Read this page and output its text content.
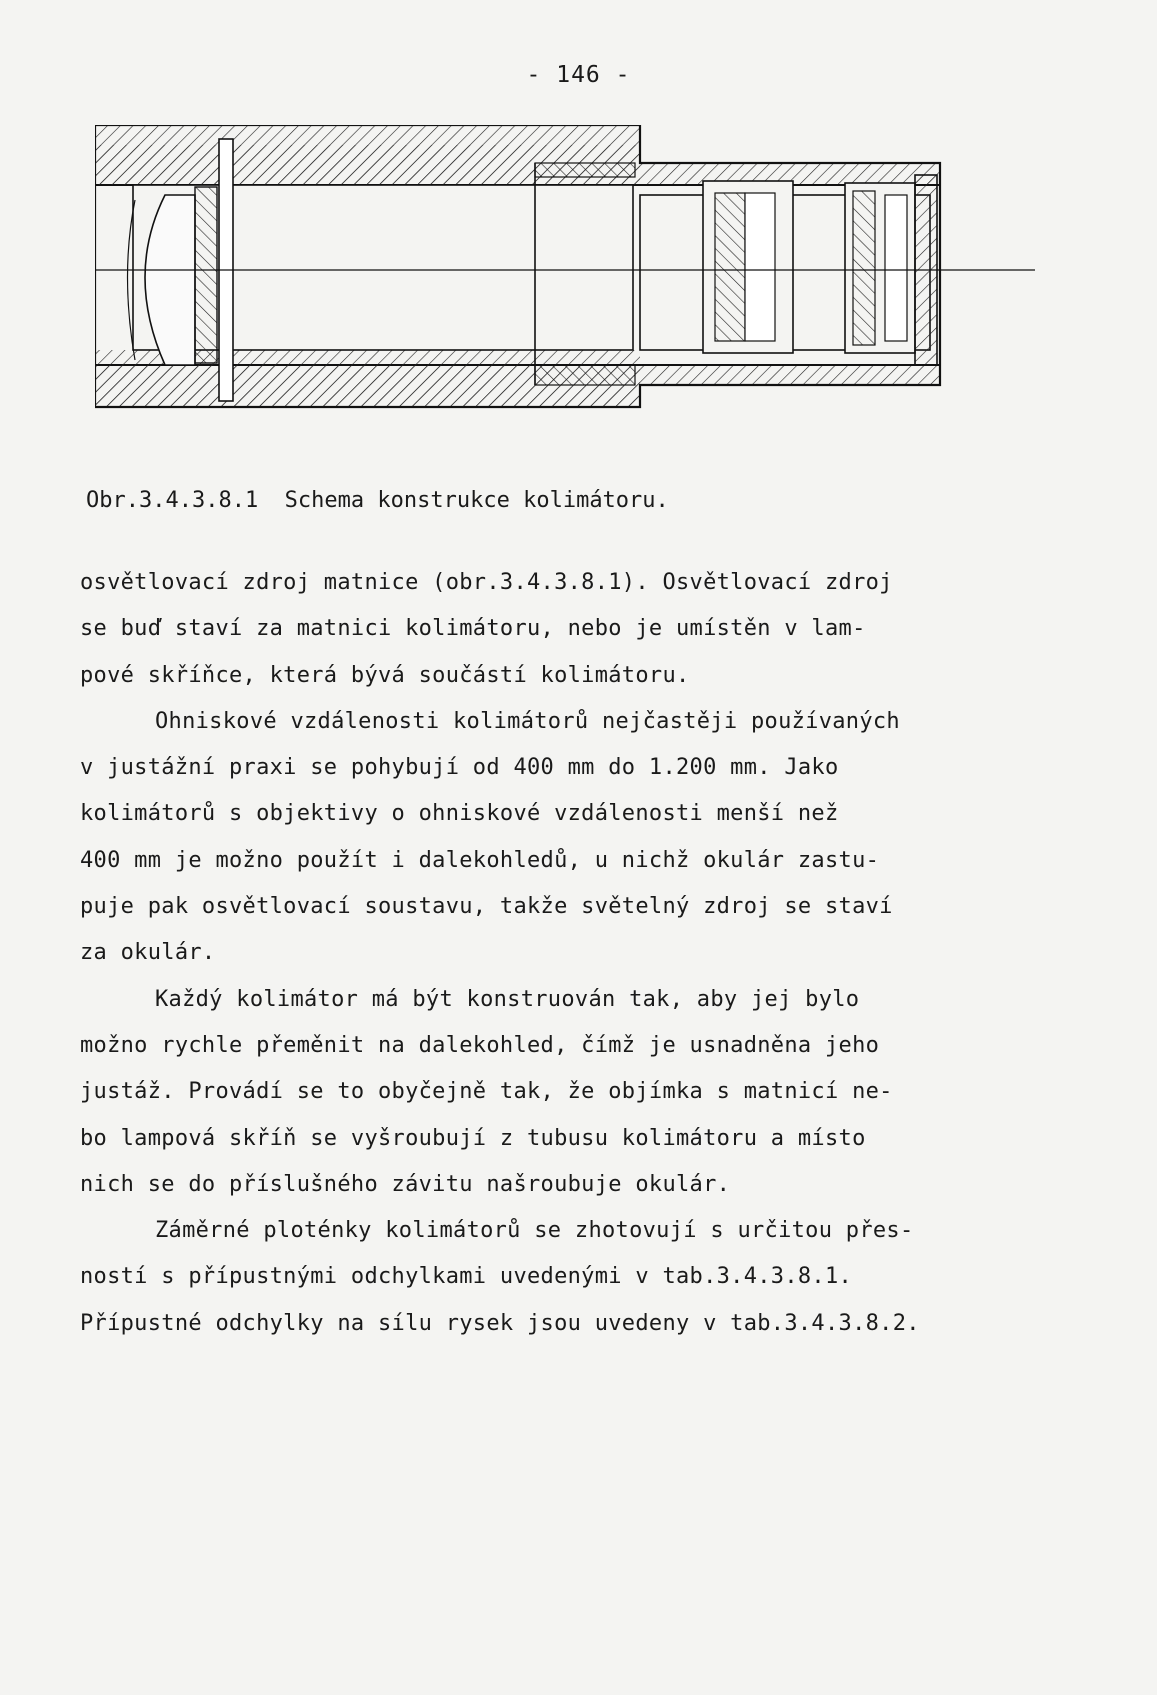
- 146 -
Obr.3.4.3.8.1  Schema konstrukce kolimátoru.
osvětlovací zdroj matnice (obr.3.4.3.8.1). Osvětlovací zdroj
se buď staví za matnici kolimátoru, nebo je umístěn v lam-
pové skříňce, která bývá součástí kolimátoru.
Ohniskové vzdálenosti kolimátorů nejčastěji používaných
v justážní praxi se pohybují od 400 mm do 1.200 mm. Jako
kolimátorů s objektivy o ohniskové vzdálenosti menší než
400 mm je možno použít i dalekohledů, u nichž okulár zastu-
puje pak osvětlovací soustavu, takže světelný zdroj se staví
za okulár.
Každý kolimátor má být konstruován tak, aby jej bylo
možno rychle přeměnit na dalekohled, čímž je usnadněna jeho
justáž. Provádí se to obyčejně tak, že objímka s matnicí ne-
bo lampová skříň se vyšroubují z tubusu kolimátoru a místo
nich se do příslušného závitu našroubuje okulár.
Záměrné ploténky kolimátorů se zhotovují s určitou přes-
ností s přípustnými odchylkami uvedenými v tab.3.4.3.8.1.
Přípustné odchylky na sílu rysek jsou uvedeny v tab.3.4.3.8.2.
